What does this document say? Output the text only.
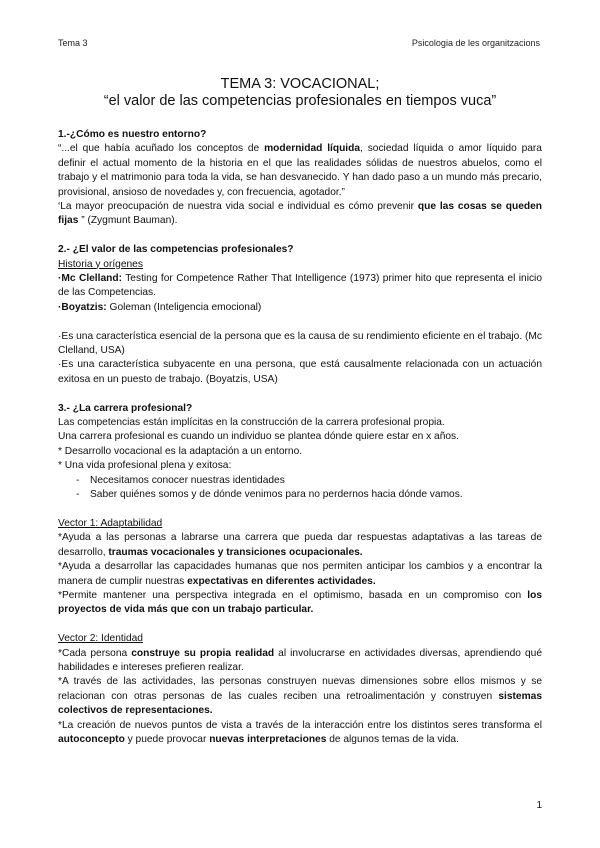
Tema 3	Psicologia de les organitzacions

TEMA 3: VOCACIONAL;

“el valor de las competencias profesionales en tiempos vuca”

1.-¿Cómo es nuestro entorno?

“...el que había acuñado los conceptos de modernidad líquida, sociedad líquida o amor líquido para definir el actual momento de la historia en el que las realidades sólidas de nuestros abuelos, como el trabajo y el matrimonio para toda la vida, se han desvanecido. Y han dado paso a un mundo más precario, provisional, ansioso de novedades y, con frecuencia, agotador.”

‘La mayor preocupación de nuestra vida social e individual es cómo prevenir que las cosas se queden fijas ” (Zygmunt Bauman).

2.- ¿El valor de las competencias profesionales?

Historia y orígenes

·Mc Clelland: Testing for Competence Rather That Intelligence (1973) primer hito que representa el inicio de las Competencias.

·Boyatzis: Goleman (Inteligencia emocional)

·Es una característica esencial de la persona que es la causa de su rendimiento eficiente en el trabajo. (Mc Clelland, USA)

·Es una característica subyacente en una persona, que está causalmente relacionada con un actuación exitosa en un puesto de trabajo. (Boyatzis, USA)

3.- ¿La carrera profesional?

Las competencias están implícitas en la construcción de la carrera profesional propia.

Una carrera profesional es cuando un individuo se plantea dónde quiere estar en x años.

* Desarrollo vocacional es la adaptación a un entorno.

* Una vida profesional plena y exitosa:

- Necesitamos conocer nuestras identidades

- Saber quiénes somos y de dónde venimos para no perdernos hacia dónde vamos.

Vector 1: Adaptabilidad

*Ayuda a las personas a labrarse una carrera que pueda dar respuestas adaptativas a las tareas de desarrollo, traumas vocacionales y transiciones ocupacionales.

*Ayuda a desarrollar las capacidades humanas que nos permiten anticipar los cambios y a encontrar la manera de cumplir nuestras expectativas en diferentes actividades.

*Permite mantener una perspectiva integrada en el optimismo, basada en un compromiso con los proyectos de vida más que con un trabajo particular.

Vector 2: Identidad

*Cada persona construye su propia realidad al involucrarse en actividades diversas, aprendiendo qué habilidades e intereses prefieren realizar.

*A través de las actividades, las personas construyen nuevas dimensiones sobre ellos mismos y se relacionan con otras personas de las cuales reciben una retroalimentación y construyen sistemas colectivos de representaciones.

*La creación de nuevos puntos de vista a través de la interacción entre los distintos seres transforma el autoconcepto y puede provocar nuevas interpretaciones de algunos temas de la vida.

1
